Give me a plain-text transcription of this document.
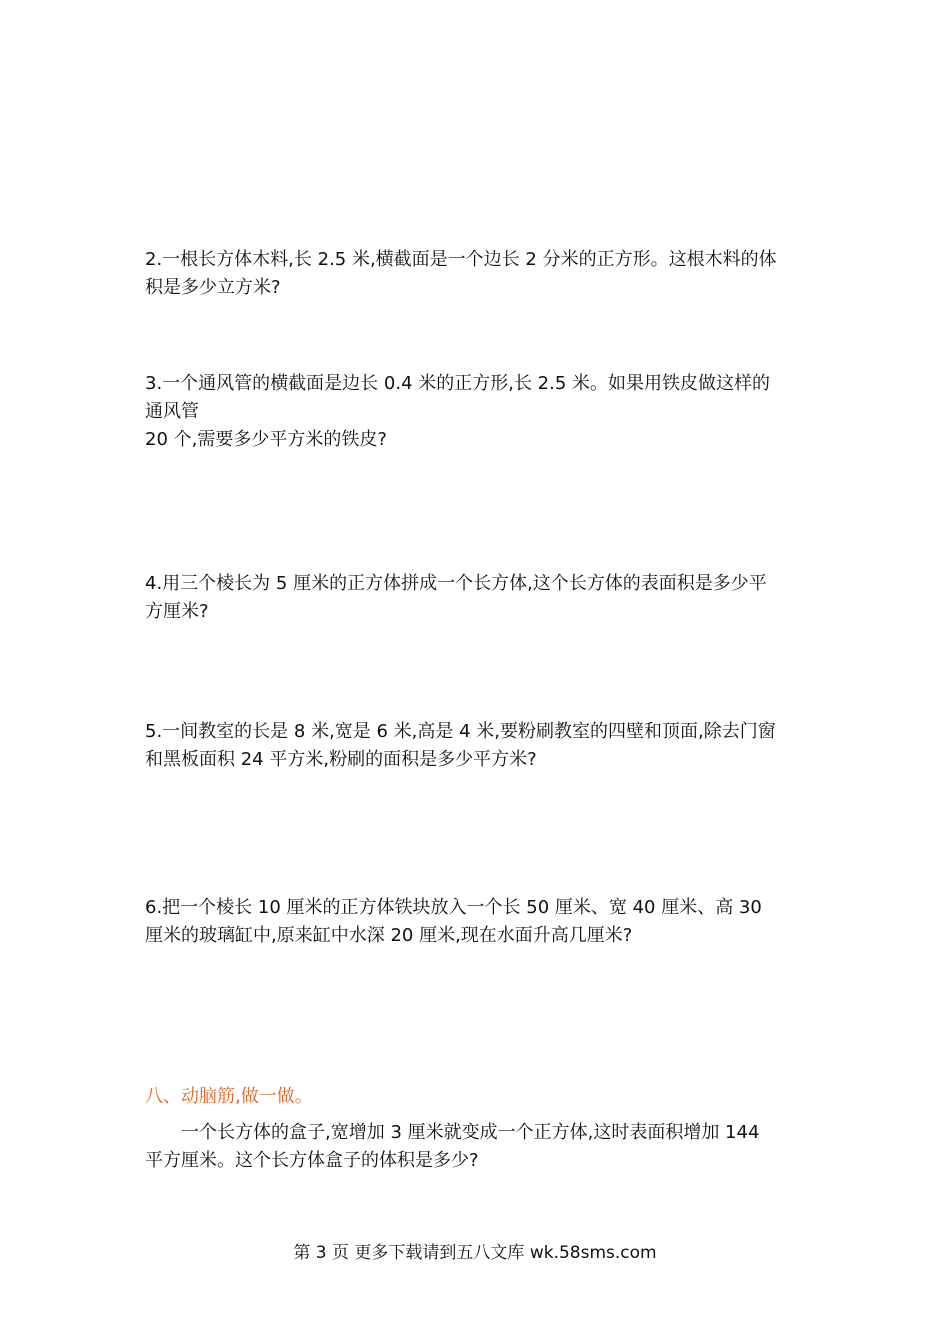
2.一根长方体木料,长 2.5 米,横截面是一个边长 2 分米的正方形。这根木料的体
积是多少立方米?
3.一个通风管的横截面是边长 0.4 米的正方形,长 2.5 米。如果用铁皮做这样的
通风管
20 个,需要多少平方米的铁皮?
4.用三个棱长为 5 厘米的正方体拼成一个长方体,这个长方体的表面积是多少平
方厘米?
5.一间教室的长是 8 米,宽是 6 米,高是 4 米,要粉刷教室的四壁和顶面,除去门窗
和黑板面积 24 平方米,粉刷的面积是多少平方米?
6.把一个棱长 10 厘米的正方体铁块放入一个长 50 厘米、宽 40 厘米、高 30
厘米的玻璃缸中,原来缸中水深 20 厘米,现在水面升高几厘米?
八、动脑筋,做一做。
一个长方体的盒子,宽增加 3 厘米就变成一个正方体,这时表面积增加 144
平方厘米。这个长方体盒子的体积是多少?
第 3 页 更多下载请到五八文库 wk.58sms.com
